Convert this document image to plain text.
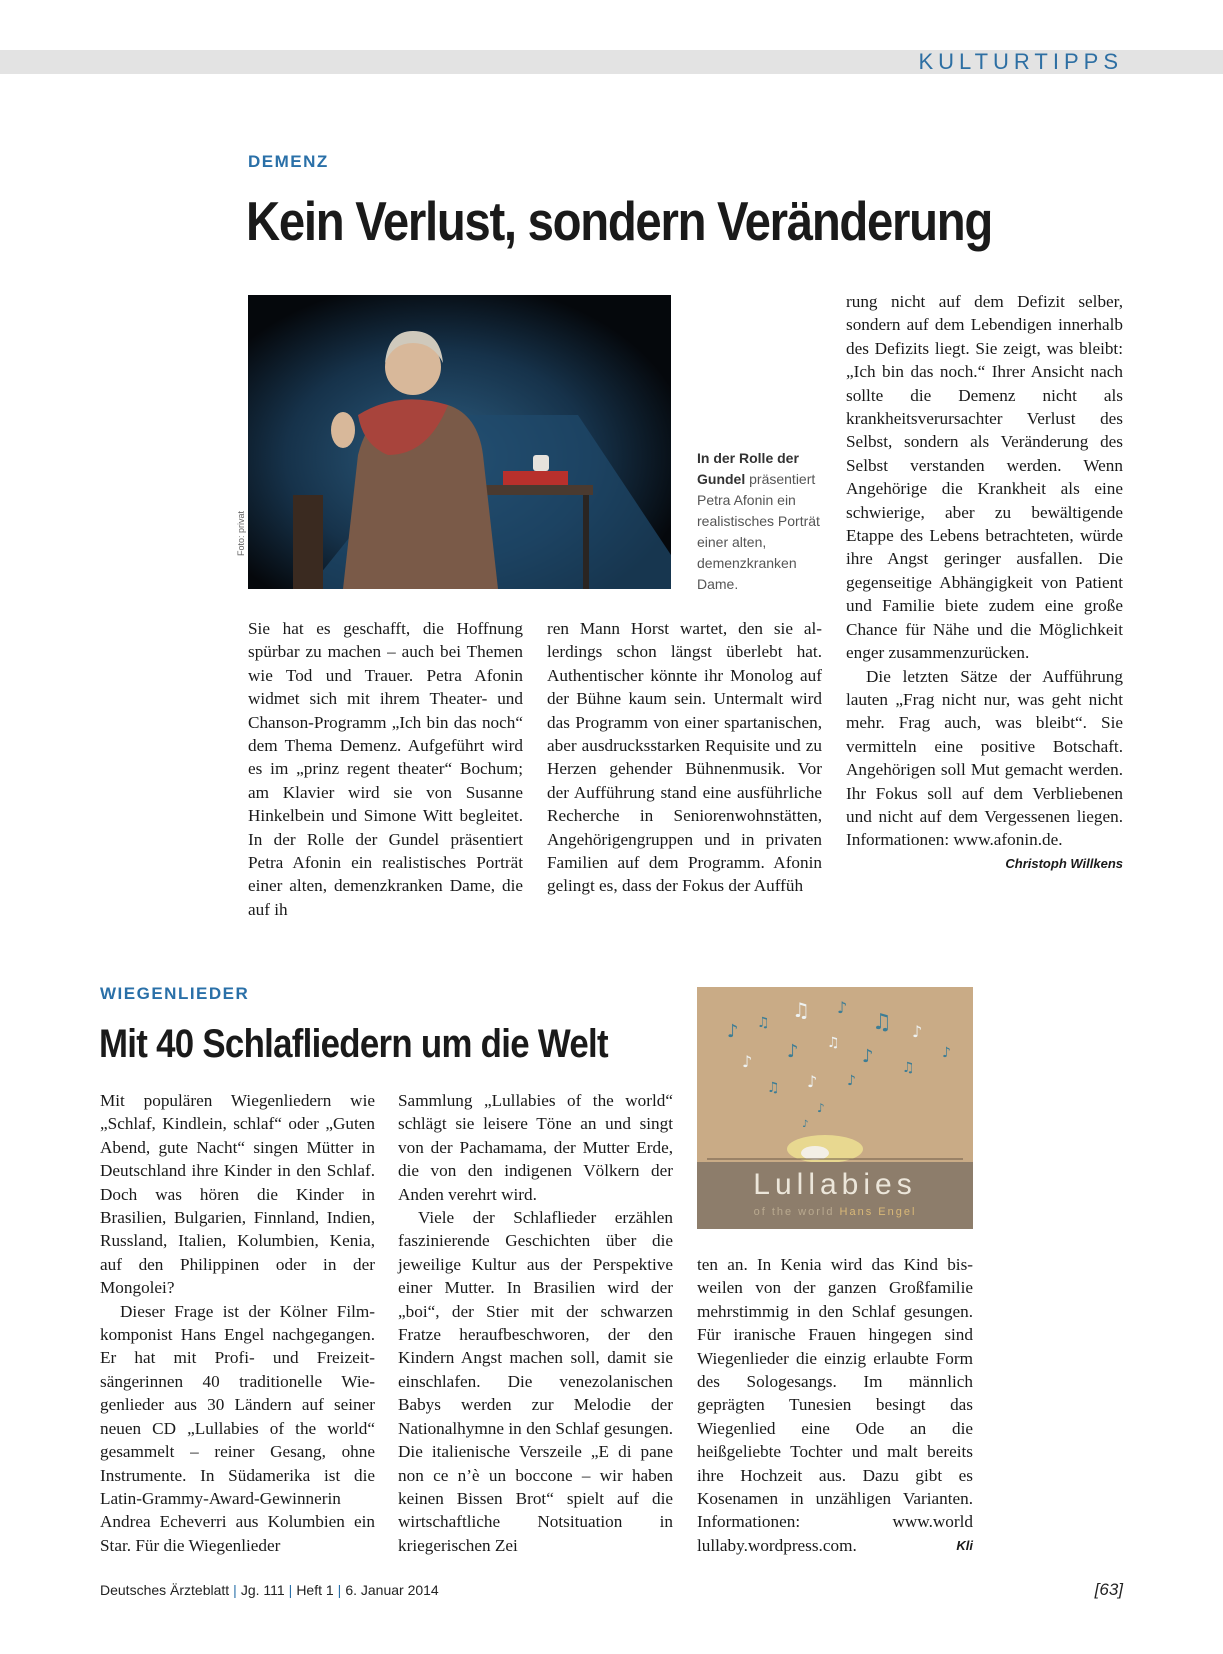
KULTURTIPPS
DEMENZ
Kein Verlust, sondern Veränderung
Foto: privat
In der Rolle der Gundel präsentiert Petra Afonin ein realistisches Porträt einer alten, demenzkranken Dame.

Sie hat es geschafft, die Hoffnung spürbar zu machen – auch bei Themen wie Tod und Trauer. Petra Afonin widmet sich mit ihrem Theater- und Chanson-Programm „Ich bin das noch“ dem Thema Demenz. Aufgeführt wird es im „prinz regent theater“ Bochum; am Klavier wird sie von Susanne Hinkelbein und Simone Witt begleitet. In der Rolle der Gundel präsentiert Petra Afonin ein realistisches Porträt einer alten, demenzkranken Dame, die auf ih

ren Mann Horst wartet, den sie allerdings schon längst überlebt hat. Authentischer könnte ihr Monolog auf der Bühne kaum sein. Untermalt wird das Programm von einer spartanischen, aber ausdrucksstarken Requisite und zu Herzen gehender Bühnenmusik. Vor der Aufführung stand eine ausführliche Recherche in Seniorenwohnstätten, Angehörigengruppen und in privaten Familien auf dem Programm. Afonin gelingt es, dass der Fokus der Auffüh

rung nicht auf dem Defizit selber, sondern auf dem Lebendigen innerhalb des Defizits liegt. Sie zeigt, was bleibt: „Ich bin das noch.“ Ihrer Ansicht nach sollte die Demenz nicht als krankheitsverursachter Verlust des Selbst, sondern als Veränderung des Selbst verstanden werden. Wenn Angehörige die Krankheit als eine schwierige, aber zu bewältigende Etappe des Lebens betrachteten, würde ihre Angst geringer ausfallen. Die gegenseitige Abhängigkeit von Patient und Familie biete zudem eine große Chance für Nähe und die Möglichkeit enger zusammenzurücken.

Die letzten Sätze der Aufführung lauten „Frag nicht nur, was geht nicht mehr. Frag auch, was bleibt“. Sie vermitteln eine positive Botschaft. Angehörigen soll Mut gemacht werden. Ihr Fokus soll auf dem Verbliebenen und nicht auf dem Vergessenen liegen. Informationen: www.afonin.de.

Christoph Willkens
WIEGENLIEDER
Mit 40 Schlafliedern um die Welt	♪ ♫
♫ ♪
♫ ♪
♪
♪ ♪ ♫
♪
♫
♫ ♪ ♪
♪
♪
Lullabies
of the world Hans Engel

Mit populären Wiegenliedern wie „Schlaf, Kindlein, schlaf“ oder „Guten Abend, gute Nacht“ singen Mütter in Deutschland ihre Kinder in den Schlaf. Doch was hören die Kinder in Brasilien, Bulgarien, Finnland, Indien, Russland, Italien, Kolumbien, Kenia, auf den Philippinen oder in der Mongolei?

Dieser Frage ist der Kölner Filmkomponist Hans Engel nachgegangen. Er hat mit Profi- und Freizeitsängerinnen 40 traditionelle Wiegenlieder aus 30 Ländern auf seiner neuen CD „Lullabies of the world“ gesammelt – reiner Gesang, ohne Instrumente. In Südamerika ist die Latin-Grammy-Award-Gewinnerin Andrea Echeverri aus Kolumbien ein Star. Für die Wiegenlieder

Sammlung „Lullabies of the world“ schlägt sie leisere Töne an und singt von der Pachamama, der Mutter Erde, die von den indigenen Völkern der Anden verehrt wird.

Viele der Schlaflieder erzählen faszinierende Geschichten über die jeweilige Kultur aus der Perspektive einer Mutter. In Brasilien wird der „boi“, der Stier mit der schwarzen Fratze heraufbeschworen, der den Kindern Angst machen soll, damit sie einschlafen. Die venezolanischen Babys werden zur Melodie der Nationalhymne in den Schlaf gesungen. Die italienische Verszeile „E di pane non ce n’è un boccone – wir haben keinen Bissen Brot“ spielt auf die wirtschaftliche Notsituation in kriegerischen Zei

ten an. In Kenia wird das Kind bisweilen von der ganzen Großfamilie mehrstimmig in den Schlaf gesungen. Für iranische Frauen hingegen sind Wiegenlieder die einzig erlaubte Form des Sologesangs. Im männlich geprägten Tunesien besingt das Wiegenlied eine Ode an die heißgeliebte Tochter und malt bereits ihre Hochzeit aus. Dazu gibt es Kosenamen in unzähligen Varianten. Informationen: www.world lullaby.wordpress.com.	Kli
Deutsches Ärzteblatt | Jg. 111 | Heft 1 | 6. Januar 2014	[63]
